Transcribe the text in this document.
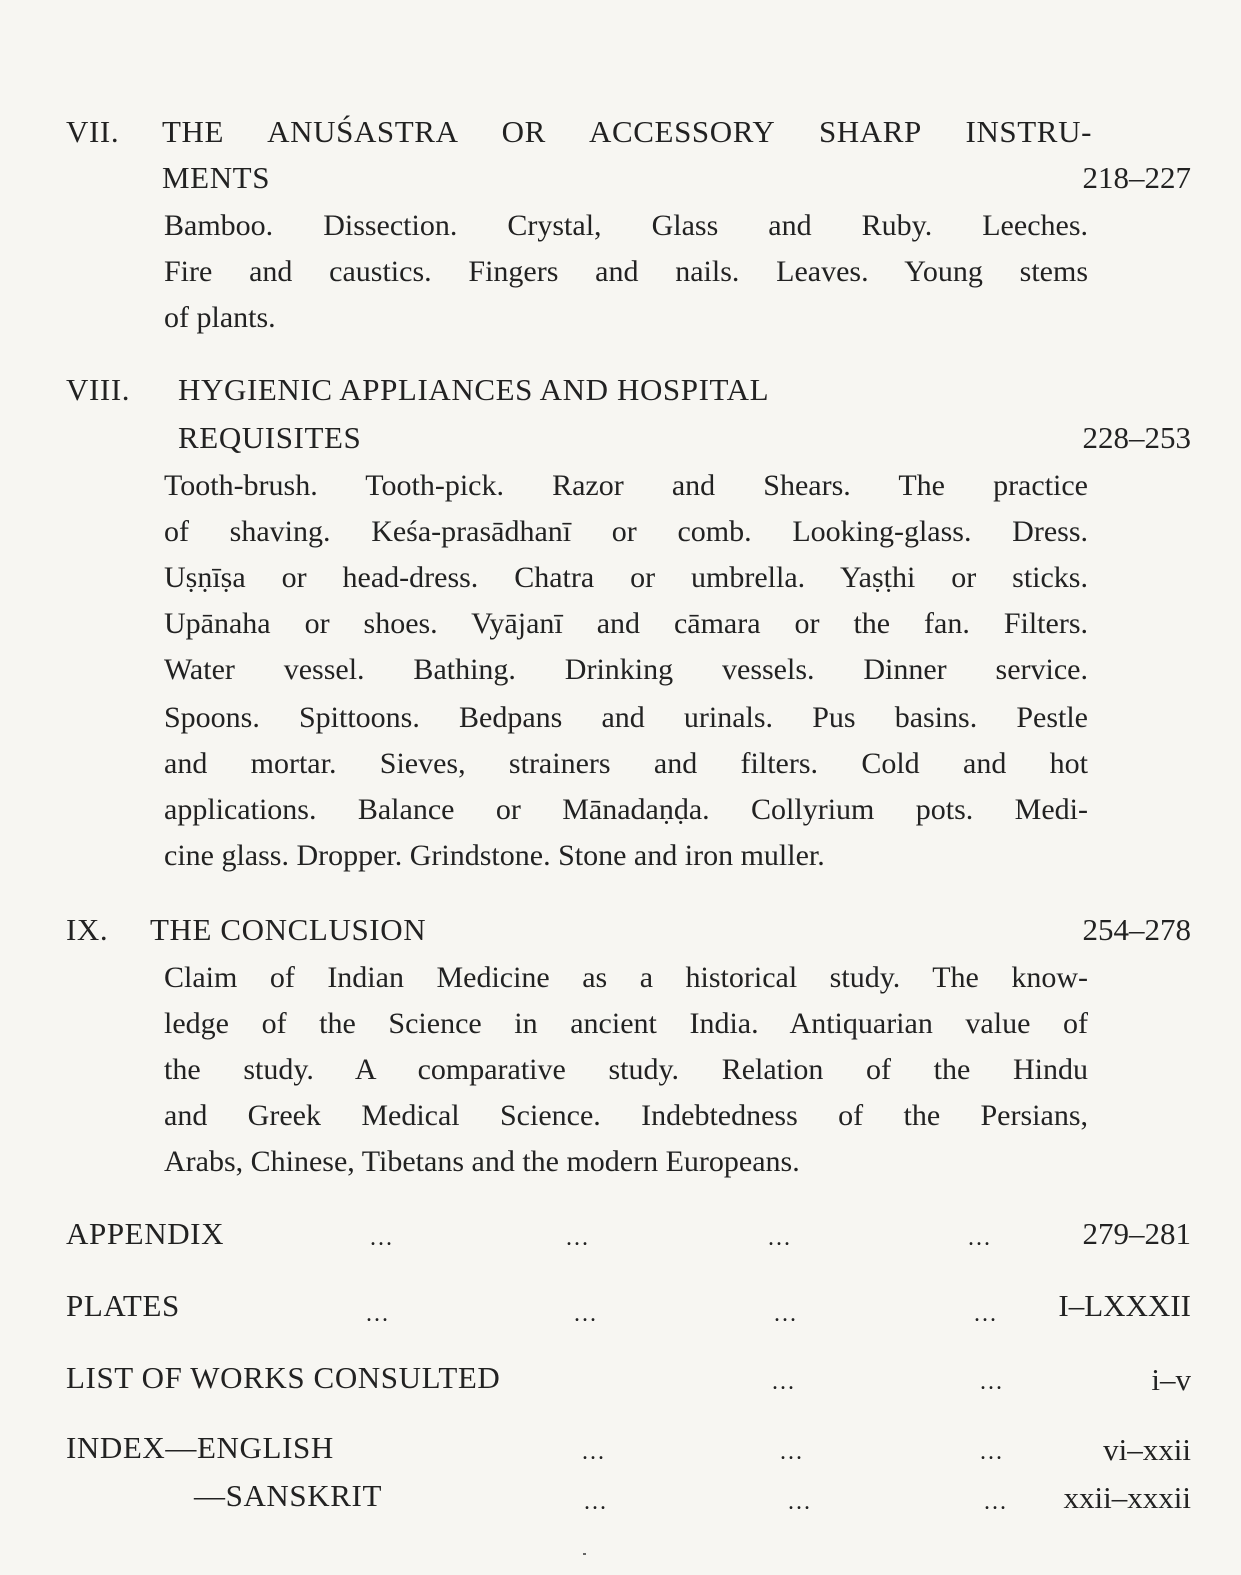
VII. THE ANUŚASTRA OR ACCESSORY SHARP INSTRU-
MENTS	218–227
Bamboo. Dissection. Crystal, Glass and Ruby. Leeches.
Fire and caustics. Fingers and nails. Leaves. Young stems
of plants.
VIII. HYGIENIC APPLIANCES AND HOSPITAL
REQUISITES	228–253
Tooth-brush. Tooth-pick. Razor and Shears. The practice
of shaving. Keśa-prasādhanī or comb. Looking-glass. Dress.
Uṣṇīṣa or head-dress. Chatra or umbrella. Yaṣṭhi or sticks.
Upānaha or shoes. Vyājanī and cāmara or the fan. Filters.
Water vessel. Bathing. Drinking vessels. Dinner service.
Spoons. Spittoons. Bedpans and urinals. Pus basins. Pestle
and mortar. Sieves, strainers and filters. Cold and hot
applications. Balance or Mānadaṇḍa. Collyrium pots. Medi-
cine glass. Dropper. Grindstone. Stone and iron muller.
IX. THE CONCLUSION	254–278
Claim of Indian Medicine as a historical study. The know-
ledge of the Science in ancient India. Antiquarian value of
the study. A comparative study. Relation of the Hindu
and Greek Medical Science. Indebtedness of the Persians,
Arabs, Chinese, Tibetans and the modern Europeans.
APPENDIX	...	...	...	...	279–281
PLATES	...	...	...	... I–LXXXII
LIST OF WORKS CONSULTED	...	...	i–v
INDEX—ENGLISH	...	...	...	vi–xxii
—SANSKRIT	...	...	... xxii–xxxii
